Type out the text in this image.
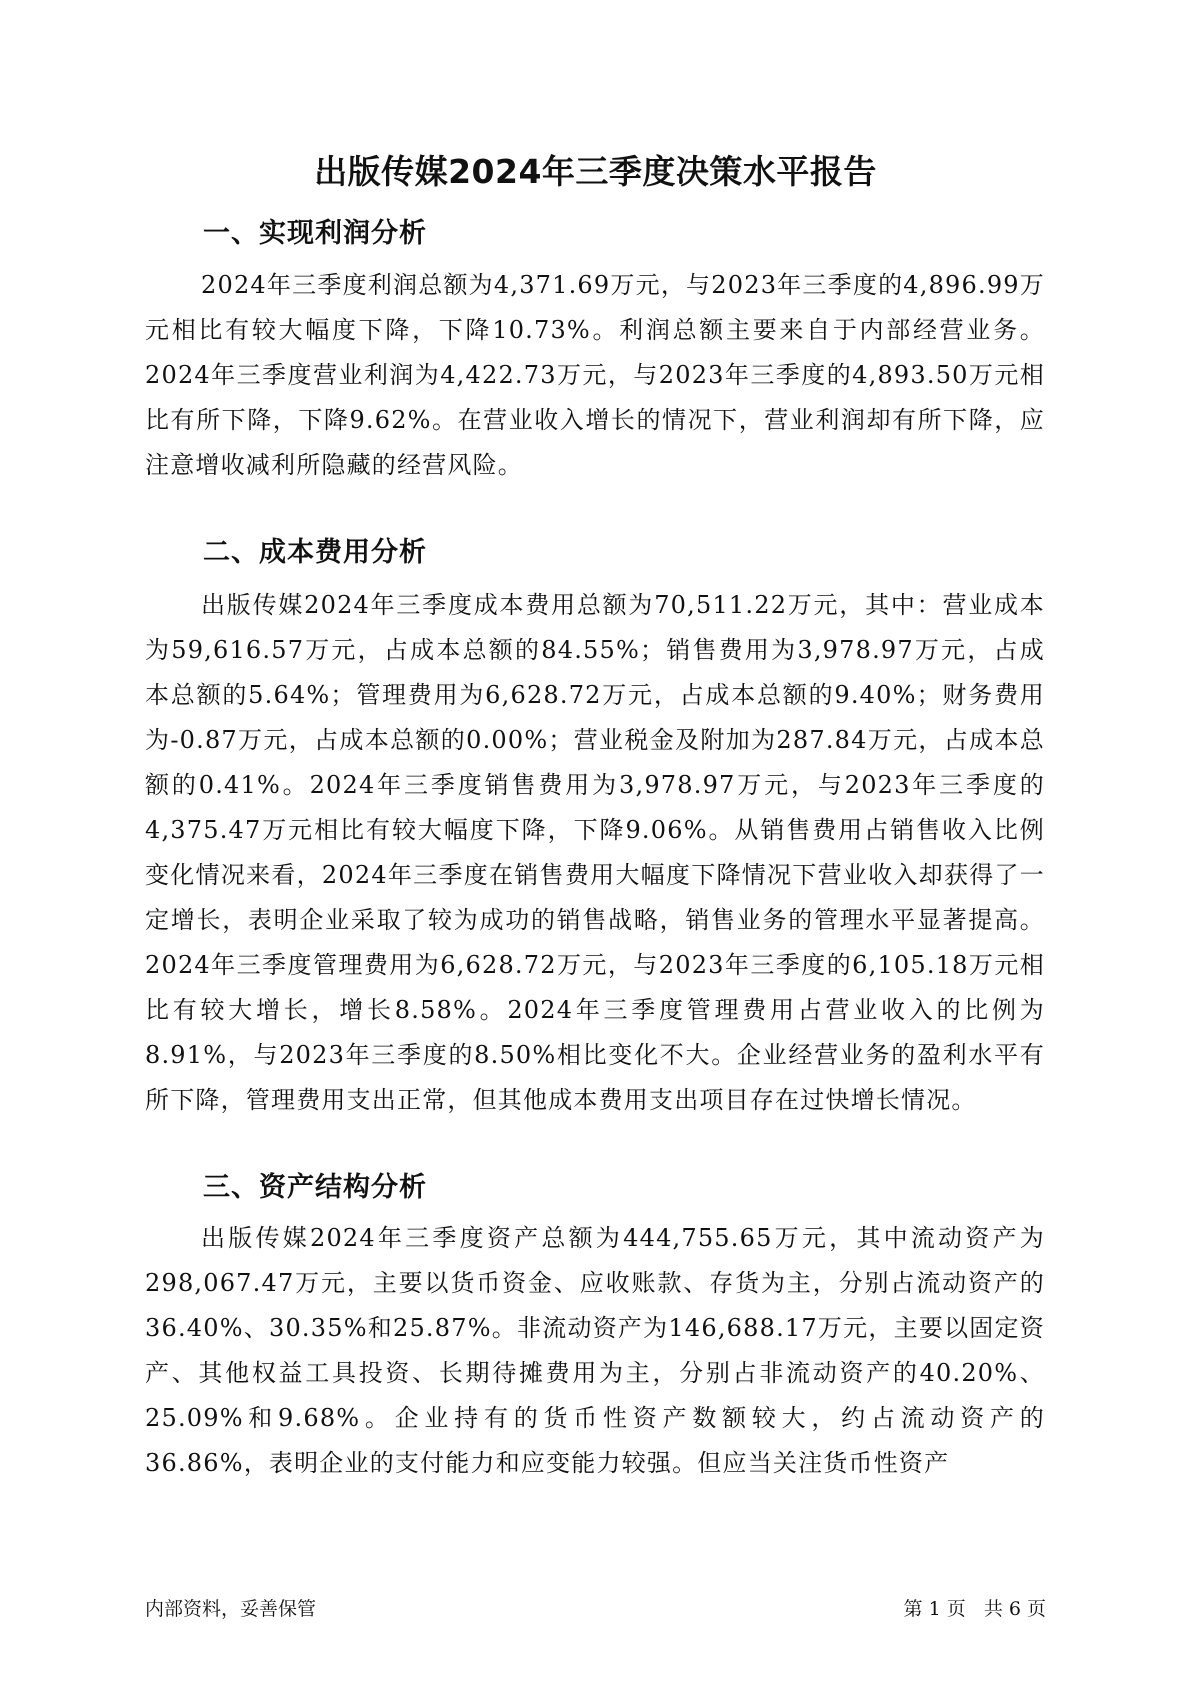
出版传媒2024年三季度决策水平报告
一、实现利润分析

2024年三季度利润总额为4,371.69万元，与2023年三季度的4,896.99万元相比有较大幅度下降，下降10.73%。利润总额主要来自于内部经营业务。2024年三季度营业利润为4,422.73万元，与2023年三季度的4,893.50万元相比有所下降，下降9.62%。在营业收入增长的情况下，营业利润却有所下降，应注意增收减利所隐藏的经营风险。

二、成本费用分析

出版传媒2024年三季度成本费用总额为70,511.22万元，其中：营业成本为59,616.57万元，占成本总额的84.55%；销售费用为3,978.97万元，占成本总额的5.64%；管理费用为6,628.72万元，占成本总额的9.40%；财务费用为-0.87万元，占成本总额的0.00%；营业税金及附加为287.84万元，占成本总额的0.41%。2024年三季度销售费用为3,978.97万元，与2023年三季度的4,375.47万元相比有较大幅度下降，下降9.06%。从销售费用占销售收入比例变化情况来看，2024年三季度在销售费用大幅度下降情况下营业收入却获得了一定增长，表明企业采取了较为成功的销售战略，销售业务的管理水平显著提高。2024年三季度管理费用为6,628.72万元，与2023年三季度的6,105.18万元相比有较大增长，增长8.58%。2024年三季度管理费用占营业收入的比例为8.91%，与2023年三季度的8.50%相比变化不大。企业经营业务的盈利水平有所下降，管理费用支出正常，但其他成本费用支出项目存在过快增长情况。

三、资产结构分析

出版传媒2024年三季度资产总额为444,755.65万元，其中流动资产为298,067.47万元，主要以货币资金、应收账款、存货为主，分别占流动资产的36.40%、30.35%和25.87%。非流动资产为146,688.17万元，主要以固定资产、其他权益工具投资、长期待摊费用为主，分别占非流动资产的40.20%、25.09%和9.68%。企业持有的货币性资产数额较大，约占流动资产的36.86%，表明企业的支付能力和应变能力较强。但应当关注货币性资产

内部资料，妥善保管	第 1 页   共 6 页
